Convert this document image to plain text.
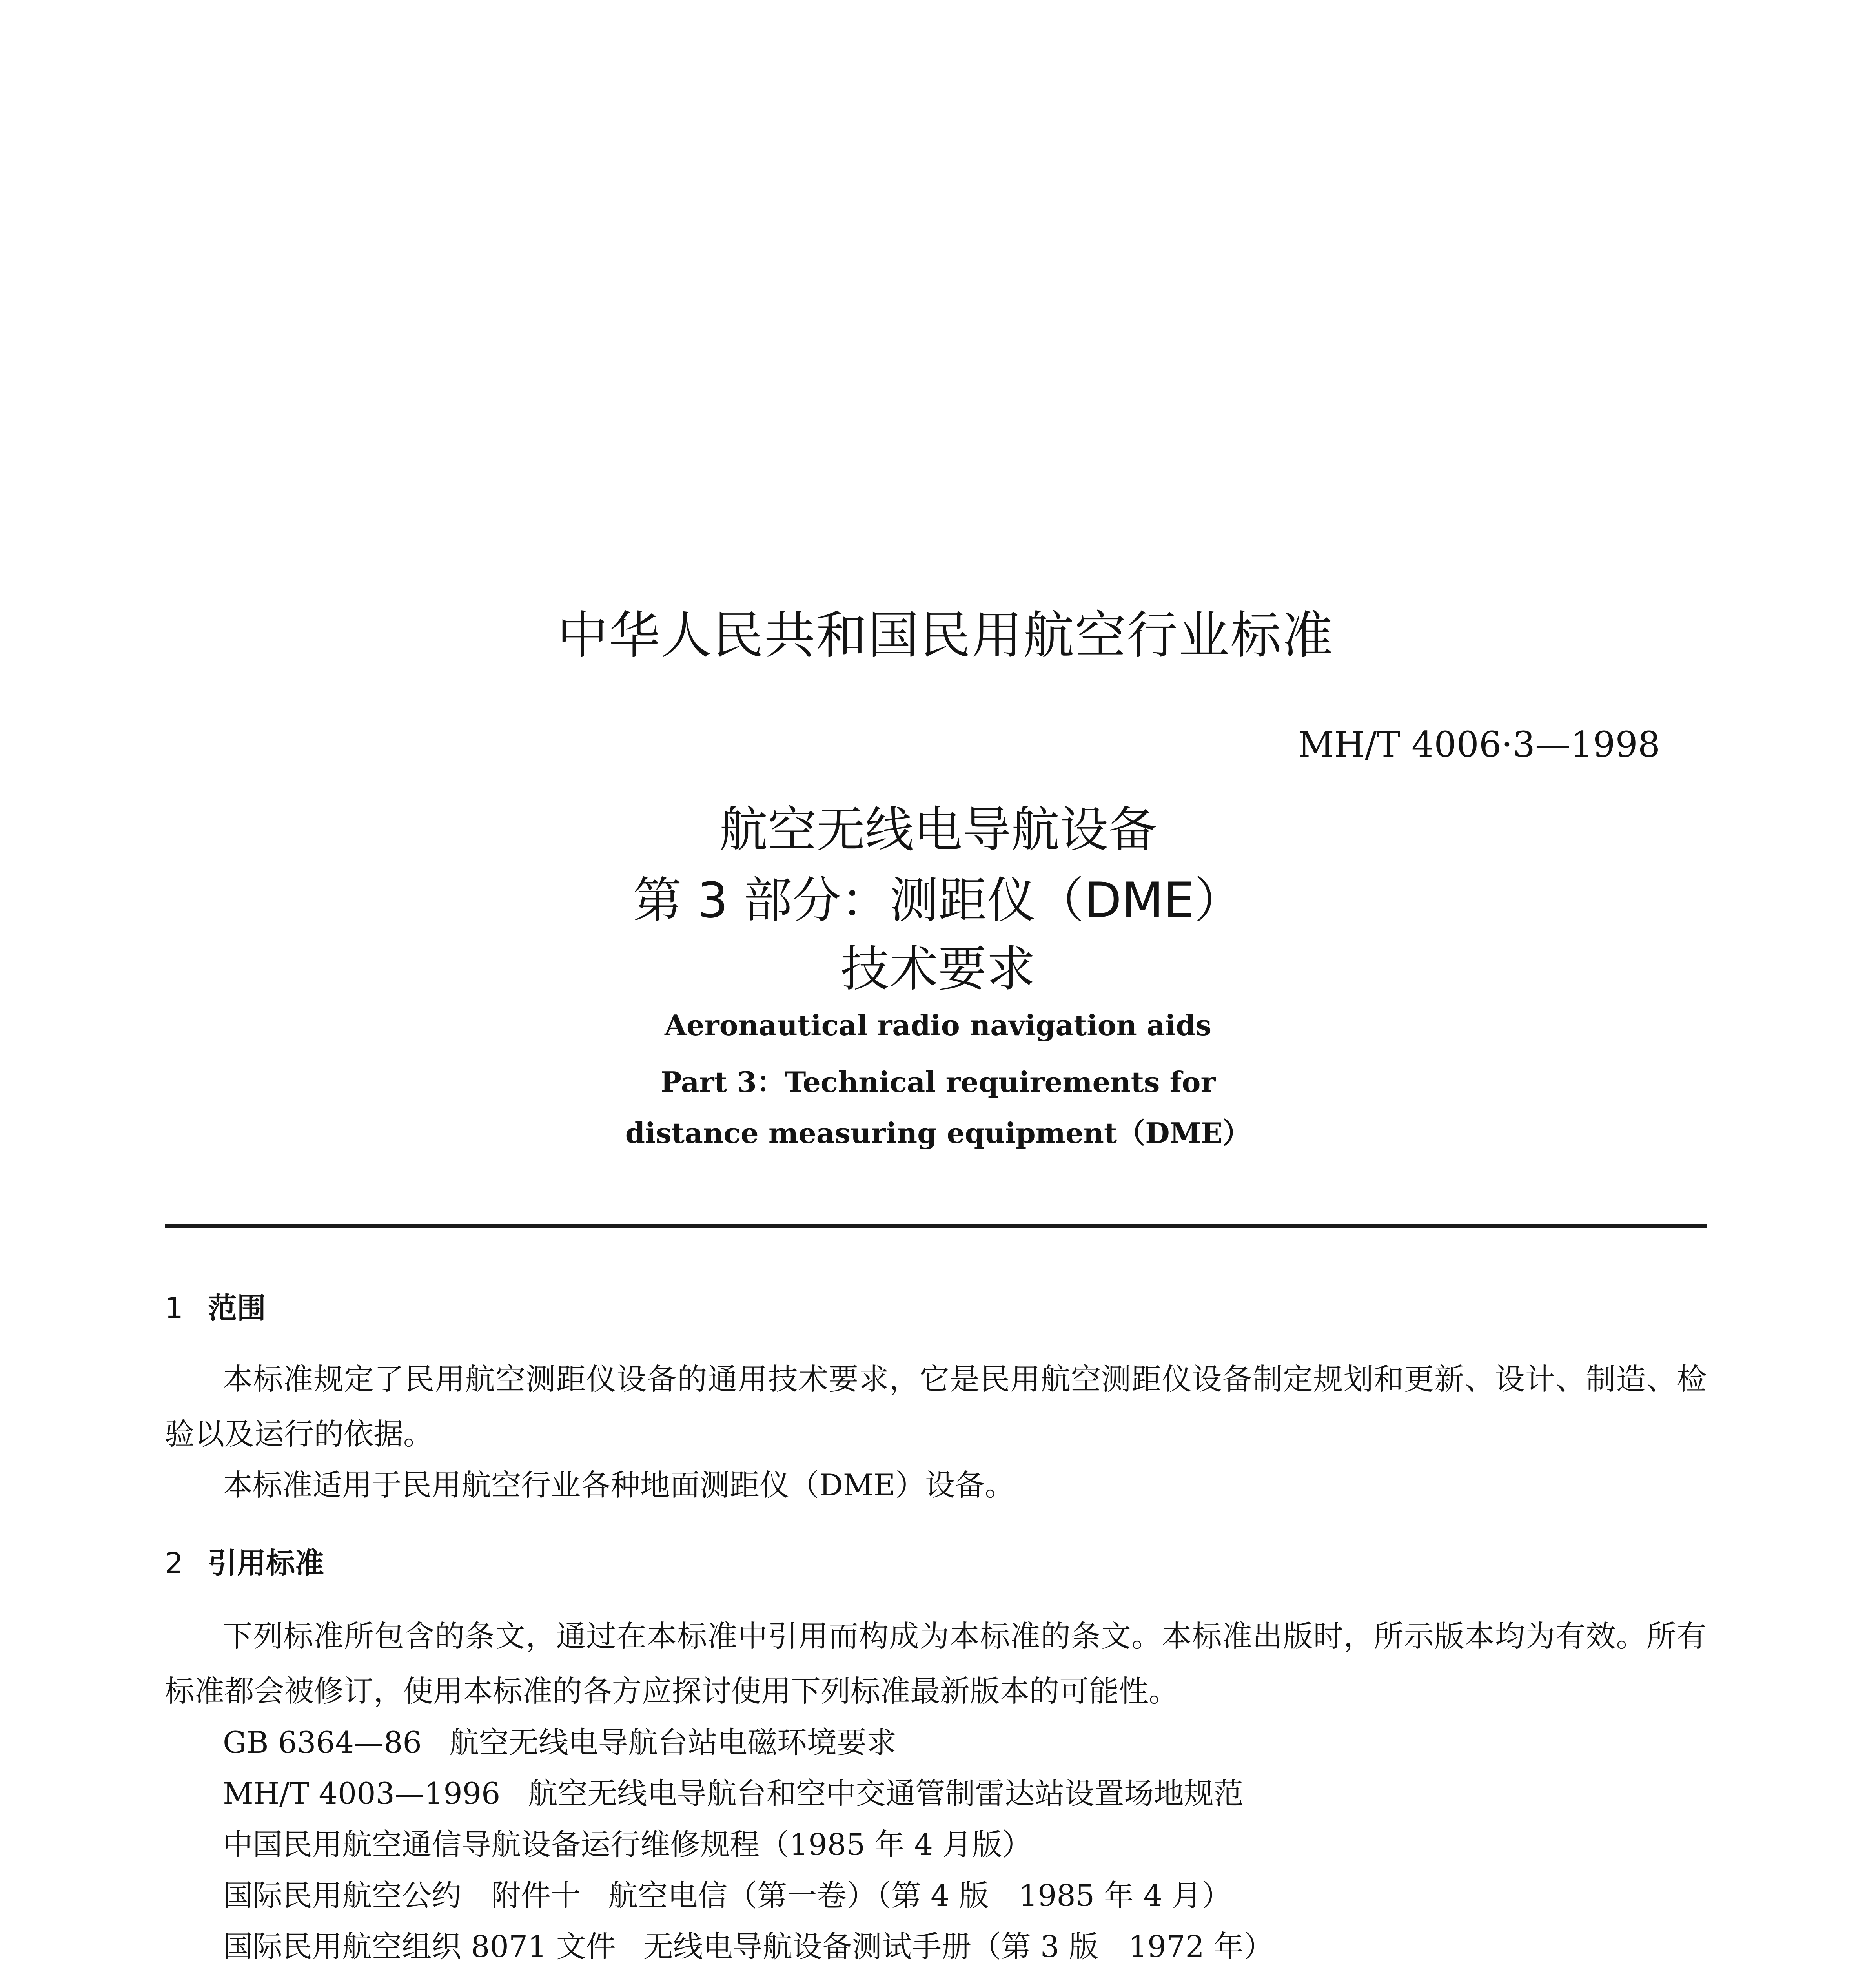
中华人民共和国民用航空行业标准
MH/T 4006·3—1998
航空无线电导航设备
第 3 部分：测距仪（DME）
技术要求
Aeronautical radio navigation aids
Part 3：Technical requirements for
distance measuring equipment（DME）
1 范围
本标准规定了民用航空测距仪设备的通用技术要求，它是民用航空测距仪设备制定规划和更新、设计、制造、检验以及运行的依据。
本标准适用于民用航空行业各种地面测距仪（DME）设备。
2 引用标准
下列标准所包含的条文，通过在本标准中引用而构成为本标准的条文。本标准出版时，所示版本均为有效。所有标准都会被修订，使用本标准的各方应探讨使用下列标准最新版本的可能性。
GB 6364—86 航空无线电导航台站电磁环境要求
MH/T 4003—1996 航空无线电导航台和空中交通管制雷达站设置场地规范
中国民用航空通信导航设备运行维修规程（1985 年 4 月版）
国际民用航空公约　附件十 航空电信（第一卷）（第 4 版　1985 年 4 月）
国际民用航空组织 8071 文件 无线电导航设备测试手册（第 3 版　1972 年）
